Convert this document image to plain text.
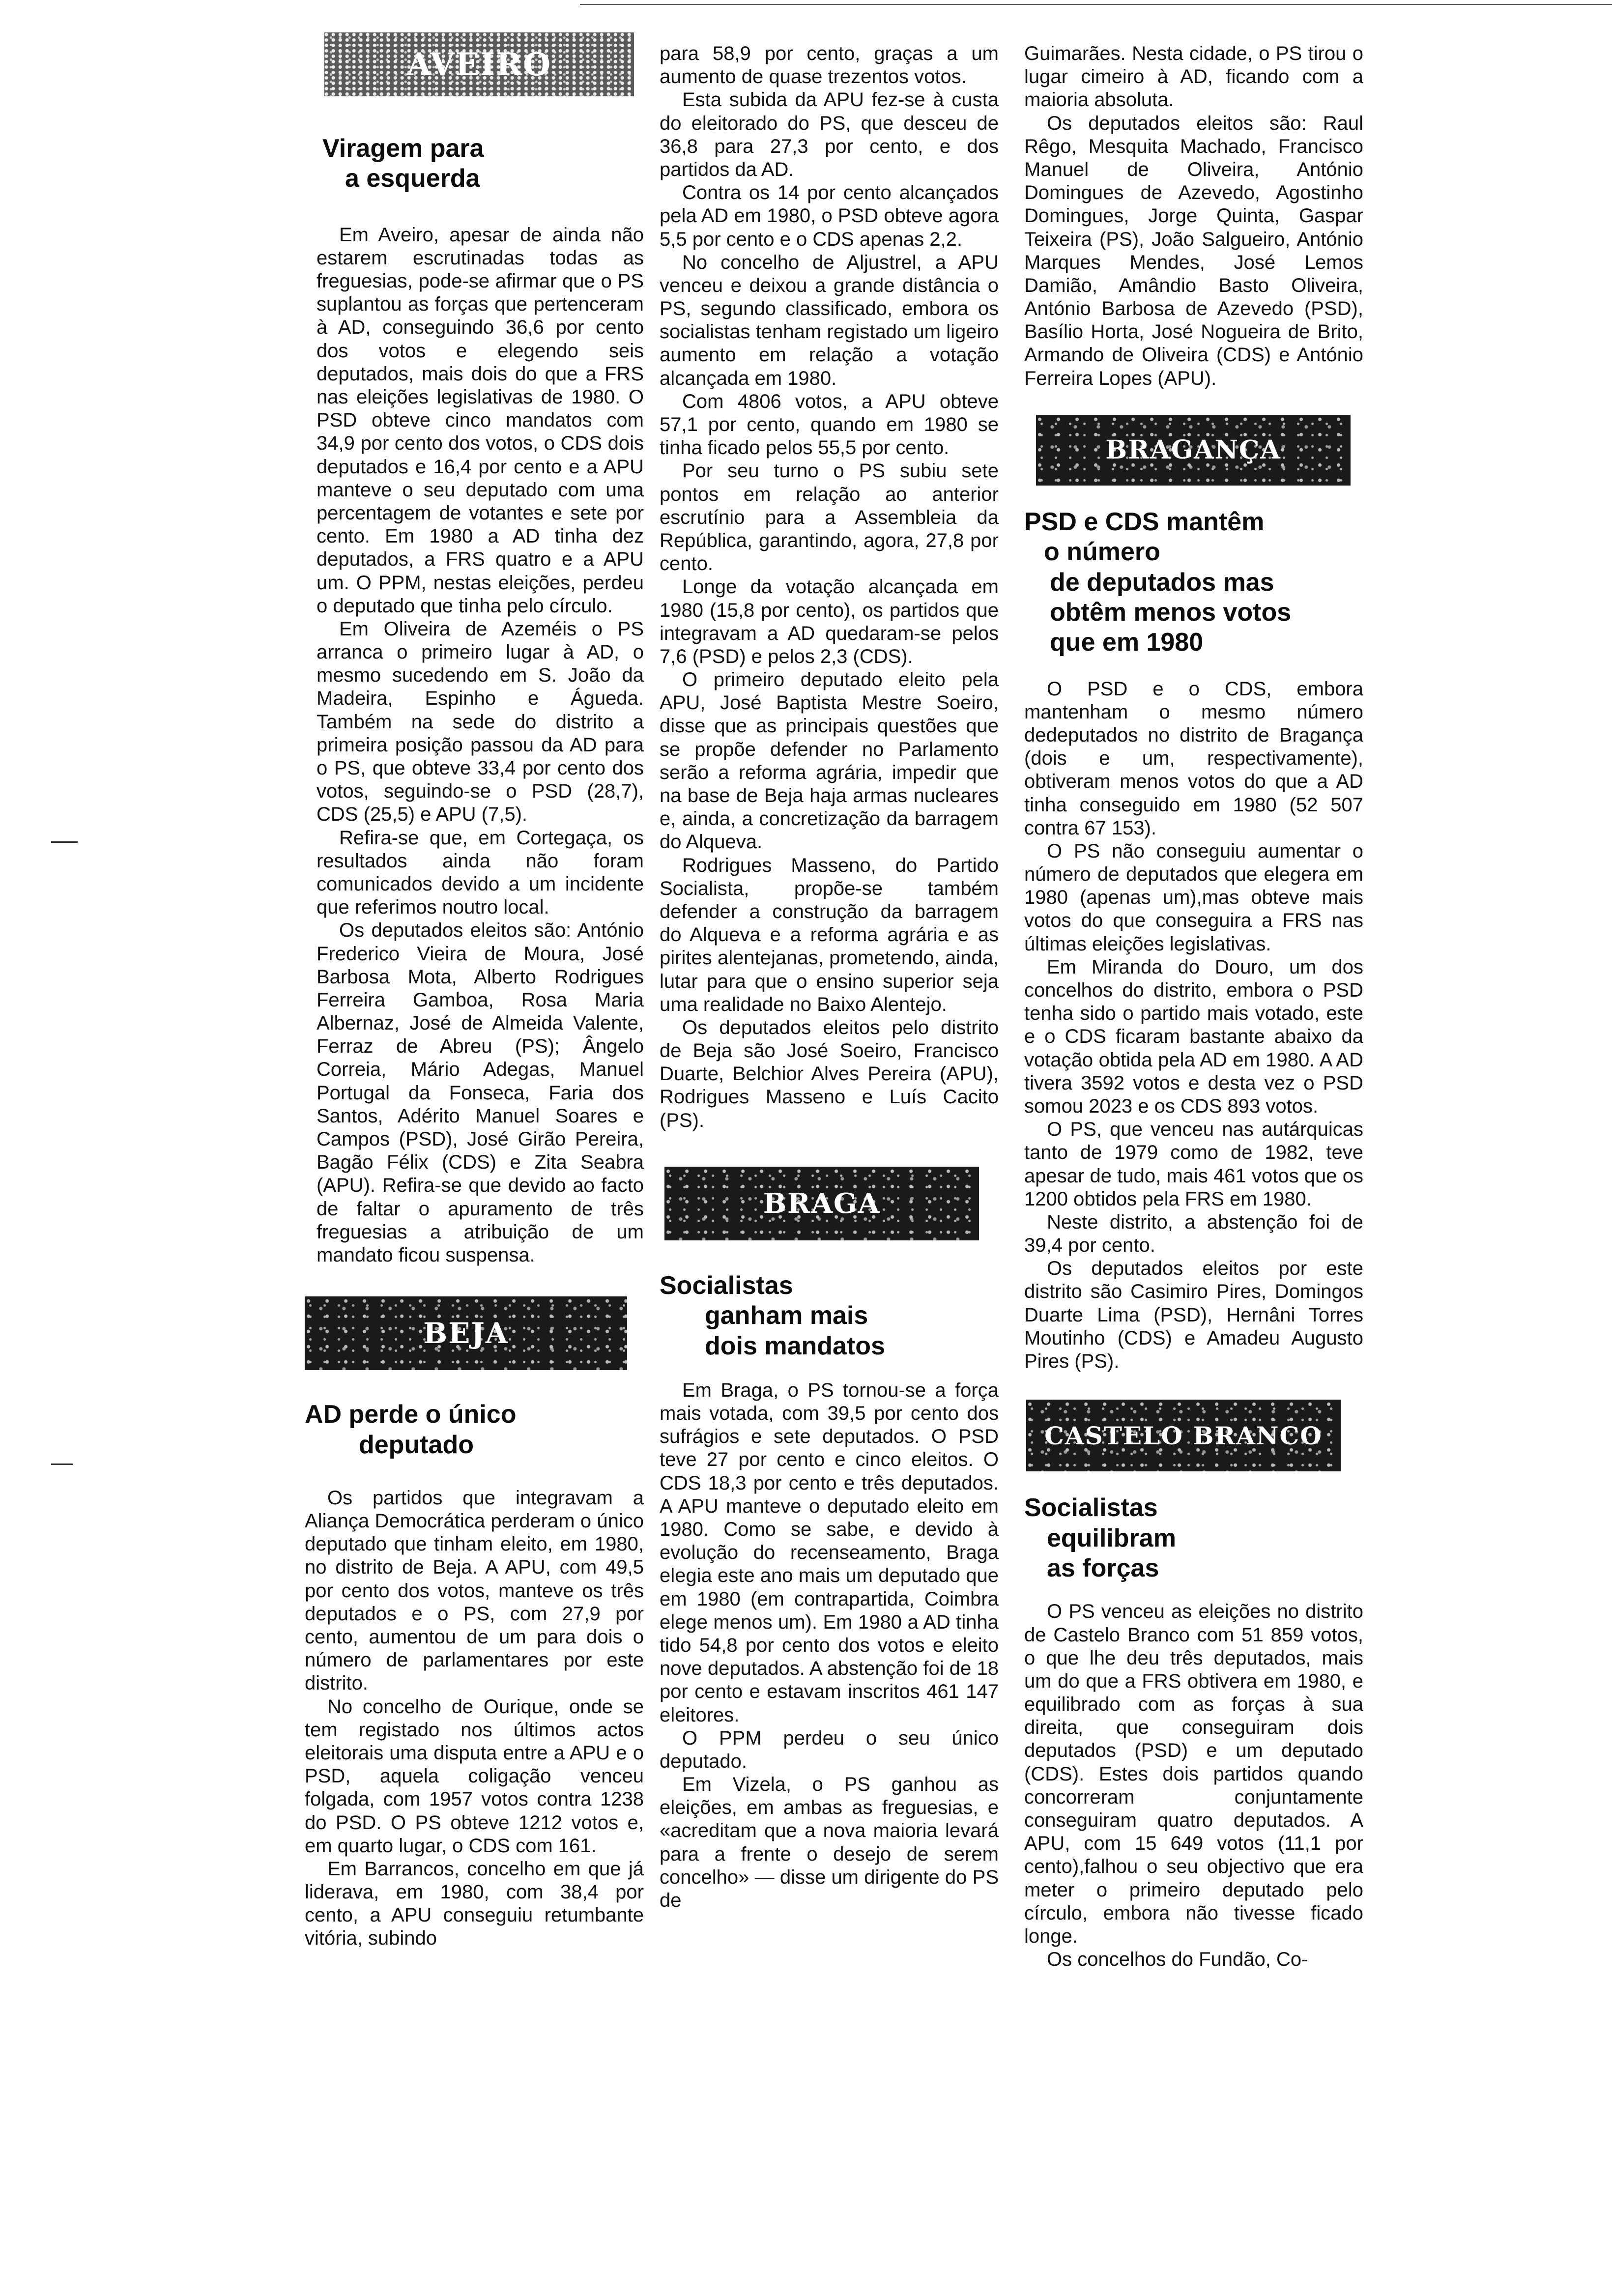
AVEIRO
Viragem para
a esquerda

Em Aveiro, apesar de ainda não estarem escrutinadas todas as freguesias, pode-se afirmar que o PS suplantou as forças que pertenceram à AD, conseguindo 36,6 por cento dos votos e elegendo seis deputados, mais dois do que a FRS nas eleições legislativas de 1980. O PSD obteve cinco mandatos com 34,9 por cento dos votos, o CDS dois deputados e 16,4 por cento e a APU manteve o seu deputado com uma percentagem de votantes e sete por cento. Em 1980 a AD tinha dez deputados, a FRS quatro e a APU um. O PPM, nestas eleições, perdeu o deputado que tinha pelo círculo.

Em Oliveira de Azeméis o PS arranca o primeiro lugar à AD, o mesmo sucedendo em S. João da Madeira, Espinho e Águeda. Também na sede do distrito a primeira posição passou da AD para o PS, que obteve 33,4 por cento dos votos, seguindo-se o PSD (28,7), CDS (25,5) e APU (7,5).

Refira-se que, em Cortegaça, os resultados ainda não foram comunicados devido a um incidente que referimos noutro local.

Os deputados eleitos são: António Frederico Vieira de Moura, José Barbosa Mota, Alberto Rodrigues Ferreira Gamboa, Rosa Maria Albernaz, José de Almeida Valente, Ferraz de Abreu (PS); Ângelo Correia, Mário Adegas, Manuel Portugal da Fonseca, Faria dos Santos, Adérito Manuel Soares e Campos (PSD), José Girão Pereira, Bagão Félix (CDS) e Zita Seabra (APU). Refira-se que devido ao facto de faltar o apuramento de três freguesias a atribuição de um mandato ficou suspensa.

BEJA
AD perde o único
deputado

Os partidos que integravam a Aliança Democrática perderam o único deputado que tinham eleito, em 1980, no distrito de Beja. A APU, com 49,5 por cento dos votos, manteve os três deputados e o PS, com 27,9 por cento, aumentou de um para dois o número de parlamentares por este distrito.

No concelho de Ourique, onde se tem registado nos últimos actos eleitorais uma disputa entre a APU e o PSD, aquela coligação venceu folgada, com 1957 votos contra 1238 do PSD. O PS obteve 1212 votos e, em quarto lugar, o CDS com 161.

Em Barrancos, concelho em que já liderava, em 1980, com 38,4 por cento, a APU conseguiu retumbante vitória, subindo

para 58,9 por cento, graças a um aumento de quase trezentos votos.

Esta subida da APU fez-se à custa do eleitorado do PS, que desceu de 36,8 para 27,3 por cento, e dos partidos da AD.

Contra os 14 por cento alcançados pela AD em 1980, o PSD obteve agora 5,5 por cento e o CDS apenas 2,2.

No concelho de Aljustrel, a APU venceu e deixou a grande distância o PS, segundo classificado, embora os socialistas tenham registado um ligeiro aumento em relação a votação alcançada em 1980.

Com 4806 votos, a APU obteve 57,1 por cento, quando em 1980 se tinha ficado pelos 55,5 por cento.

Por seu turno o PS subiu sete pontos em relação ao anterior escrutínio para a Assembleia da República, garantindo, agora, 27,8 por cento.

Longe da votação alcançada em 1980 (15,8 por cento), os partidos que integravam a AD quedaram-se pelos 7,6 (PSD) e pelos 2,3 (CDS).

O primeiro deputado eleito pela APU, José Baptista Mestre Soeiro, disse que as principais questões que se propõe defender no Parlamento serão a reforma agrária, impedir que na base de Beja haja armas nucleares e, ainda, a concretização da barragem do Alqueva.

Rodrigues Masseno, do Partido Socialista, propõe-se também defender a construção da barragem do Alqueva e a reforma agrária e as pirites alentejanas, prometendo, ainda, lutar para que o ensino superior seja uma realidade no Baixo Alentejo.

Os deputados eleitos pelo distrito de Beja são José Soeiro, Francisco Duarte, Belchior Alves Pereira (APU), Rodrigues Masseno e Luís Cacito (PS).

BRAGA
Socialistas
ganham mais
dois mandatos

Em Braga, o PS tornou-se a força mais votada, com 39,5 por cento dos sufrágios e sete deputados. O PSD teve 27 por cento e cinco eleitos. O CDS 18,3 por cento e três deputados. A APU manteve o deputado eleito em 1980. Como se sabe, e devido à evolução do recenseamento, Braga elegia este ano mais um deputado que em 1980 (em contrapartida, Coimbra elege menos um). Em 1980 a AD tinha tido 54,8 por cento dos votos e eleito nove deputados. A abstenção foi de 18 por cento e estavam inscritos 461 147 eleitores.

O PPM perdeu o seu único deputado.

Em Vizela, o PS ganhou as eleições, em ambas as freguesias, e «acreditam que a nova maioria levará para a frente o desejo de serem concelho» — disse um dirigente do PS de

Guimarães. Nesta cidade, o PS tirou o lugar cimeiro à AD, ficando com a maioria absoluta.

Os deputados eleitos são: Raul Rêgo, Mesquita Machado, Francisco Manuel de Oliveira, António Domingues de Azevedo, Agostinho Domingues, Jorge Quinta, Gaspar Teixeira (PS), João Salgueiro, António Marques Mendes, José Lemos Damião, Amândio Basto Oliveira, António Barbosa de Azevedo (PSD), Basílio Horta, José Nogueira de Brito, Armando de Oliveira (CDS) e António Ferreira Lopes (APU).

BRAGANÇA
PSD e CDS mantêm
o número
de deputados mas
obtêm menos votos
que em 1980

O PSD e o CDS, embora mantenham o mesmo número dedeputados no distrito de Bragança (dois e um, respectivamente), obtiveram menos votos do que a AD tinha conseguido em 1980 (52 507 contra 67 153).

O PS não conseguiu aumentar o número de deputados que elegera em 1980 (apenas um),mas obteve mais votos do que conseguira a FRS nas últimas eleições legislativas.

Em Miranda do Douro, um dos concelhos do distrito, embora o PSD tenha sido o partido mais votado, este e o CDS ficaram bastante abaixo da votação obtida pela AD em 1980. A AD tivera 3592 votos e desta vez o PSD somou 2023 e os CDS 893 votos.

O PS, que venceu nas autárquicas tanto de 1979 como de 1982, teve apesar de tudo, mais 461 votos que os 1200 obtidos pela FRS em 1980.

Neste distrito, a abstenção foi de 39,4 por cento.

Os deputados eleitos por este distrito são Casimiro Pires, Domingos Duarte Lima (PSD), Hernâni Torres Moutinho (CDS) e Amadeu Augusto Pires (PS).

CASTELO BRANCO
Socialistas
equilibram
as forças

O PS venceu as eleições no distrito de Castelo Branco com 51 859 votos, o que lhe deu três deputados, mais um do que a FRS obtivera em 1980, e equilibrado com as forças à sua direita, que conseguiram dois deputados (PSD) e um deputado (CDS). Estes dois partidos quando concorreram conjuntamente conseguiram quatro deputados. A APU, com 15 649 votos (11,1 por cento),falhou o seu objectivo que era meter o primeiro deputado pelo círculo, embora não tivesse ficado longe.

Os concelhos do Fundão, Co-
